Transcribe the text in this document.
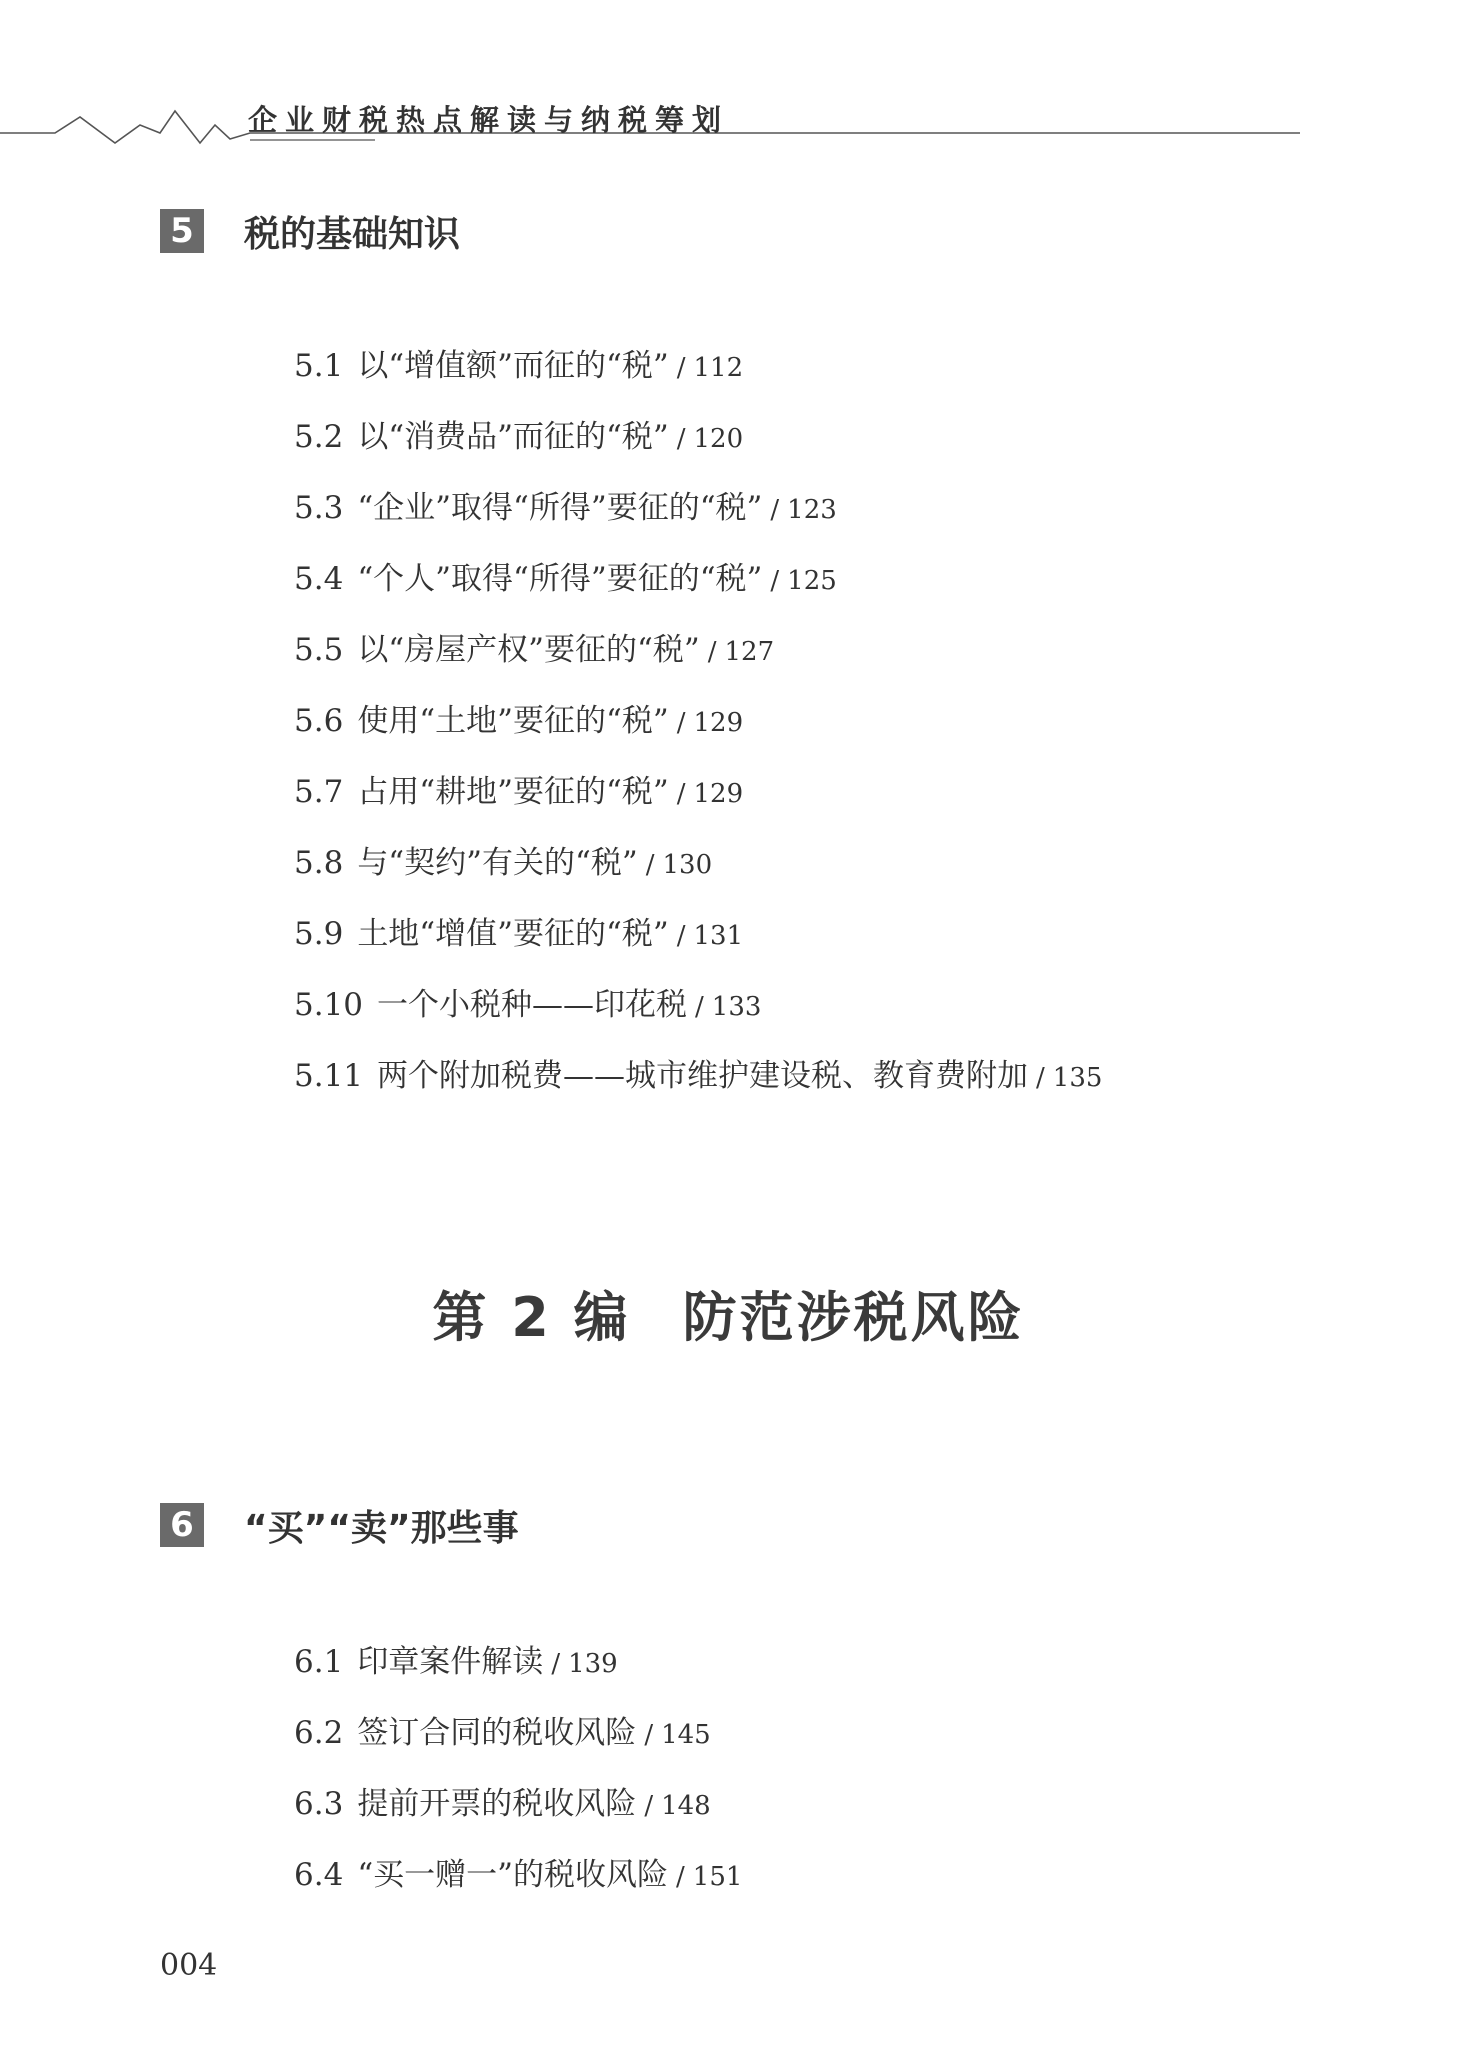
企业财税热点解读与纳税筹划
5 税的基础知识
5.1 以“增值额”而征的“税” / 112
5.2 以“消费品”而征的“税” / 120
5.3 “企业”取得“所得”要征的“税” / 123
5.4 “个人”取得“所得”要征的“税” / 125
5.5 以“房屋产权”要征的“税” / 127
5.6 使用“土地”要征的“税” / 129
5.7 占用“耕地”要征的“税” / 129
5.8 与“契约”有关的“税” / 130
5.9 土地“增值”要征的“税” / 131
5.10 一个小税种——印花税 / 133
5.11 两个附加税费——城市维护建设税、教育费附加 / 135
第 2 编 防范涉税风险
6 “买”“卖”那些事
6.1 印章案件解读 / 139
6.2 签订合同的税收风险 / 145
6.3 提前开票的税收风险 / 148
6.4 “买一赠一”的税收风险 / 151
004
